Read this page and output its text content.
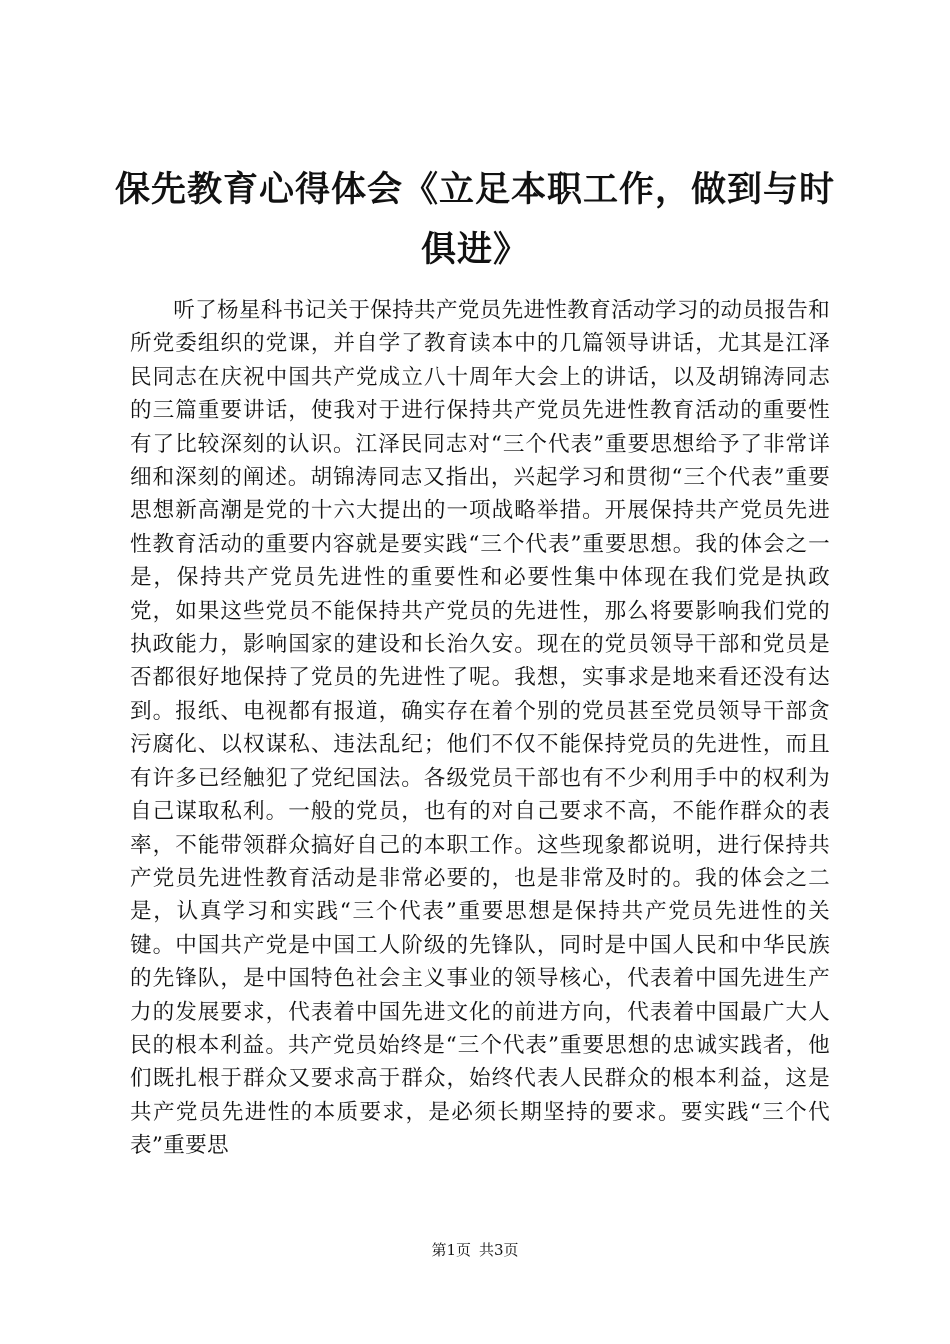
保先教育心得体会《立足本职工作，做到与时
俱进》

听了杨星科书记关于保持共产党员先进性教育活动学习的动员报告和所党委组织的党课，并自学了教育读本中的几篇领导讲话，尤其是江泽民同志在庆祝中国共产党成立八十周年大会上的讲话，以及胡锦涛同志的三篇重要讲话，使我对于进行保持共产党员先进性教育活动的重要性有了比较深刻的认识。江泽民同志对“三个代表”重要思想给予了非常详细和深刻的阐述。胡锦涛同志又指出，兴起学习和贯彻“三个代表”重要思想新高潮是党的十六大提出的一项战略举措。开展保持共产党员先进性教育活动的重要内容就是要实践“三个代表”重要思想。我的体会之一是，保持共产党员先进性的重要性和必要性集中体现在我们党是执政党，如果这些党员不能保持共产党员的先进性，那么将要影响我们党的执政能力，影响国家的建设和长治久安。现在的党员领导干部和党员是否都很好地保持了党员的先进性了呢。我想，实事求是地来看还没有达到。报纸、电视都有报道，确实存在着个别的党员甚至党员领导干部贪污腐化、以权谋私、违法乱纪；他们不仅不能保持党员的先进性，而且有许多已经触犯了党纪国法。各级党员干部也有不少利用手中的权利为自己谋取私利。一般的党员，也有的对自己要求不高，不能作群众的表率，不能带领群众搞好自己的本职工作。这些现象都说明，进行保持共产党员先进性教育活动是非常必要的，也是非常及时的。我的体会之二是，认真学习和实践“三个代表”重要思想是保持共产党员先进性的关键。中国共产党是中国工人阶级的先锋队，同时是中国人民和中华民族的先锋队，是中国特色社会主义事业的领导核心，代表着中国先进生产力的发展要求，代表着中国先进文化的前进方向，代表着中国最广大人民的根本利益。共产党员始终是“三个代表”重要思想的忠诚实践者，他们既扎根于群众又要求高于群众，始终代表人民群众的根本利益，这是共产党员先进性的本质要求，是必须长期坚持的要求。要实践“三个代表”重要思

第1页 共3页
